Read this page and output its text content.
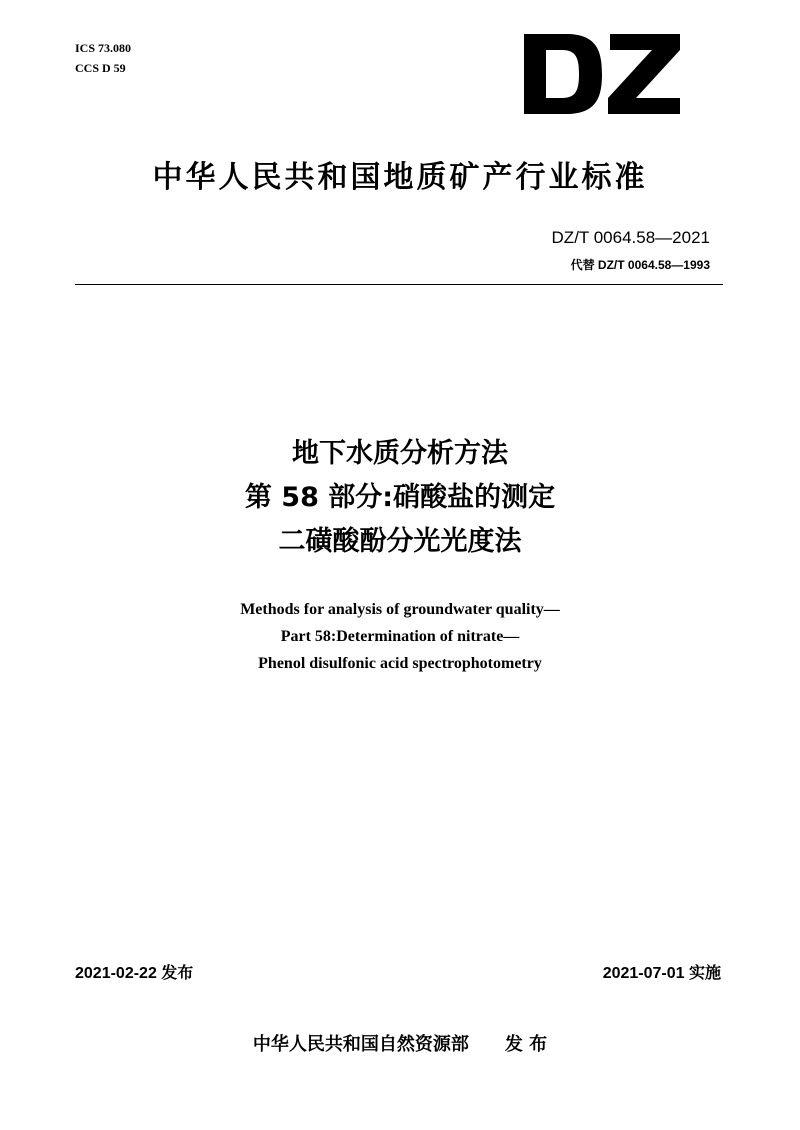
ICS 73.080
CCS D 59
中华人民共和国地质矿产行业标准
DZ/T 0064.58—2021
代替 DZ/T 0064.58—1993
地下水质分析方法
第 58 部分:硝酸盐的测定
二磺酸酚分光光度法
Methods for analysis of groundwater quality—
Part 58:Determination of nitrate—
Phenol disulfonic acid spectrophotometry
2021-02-22 发布	2021-07-01 实施
中华人民共和国自然资源部 发 布
